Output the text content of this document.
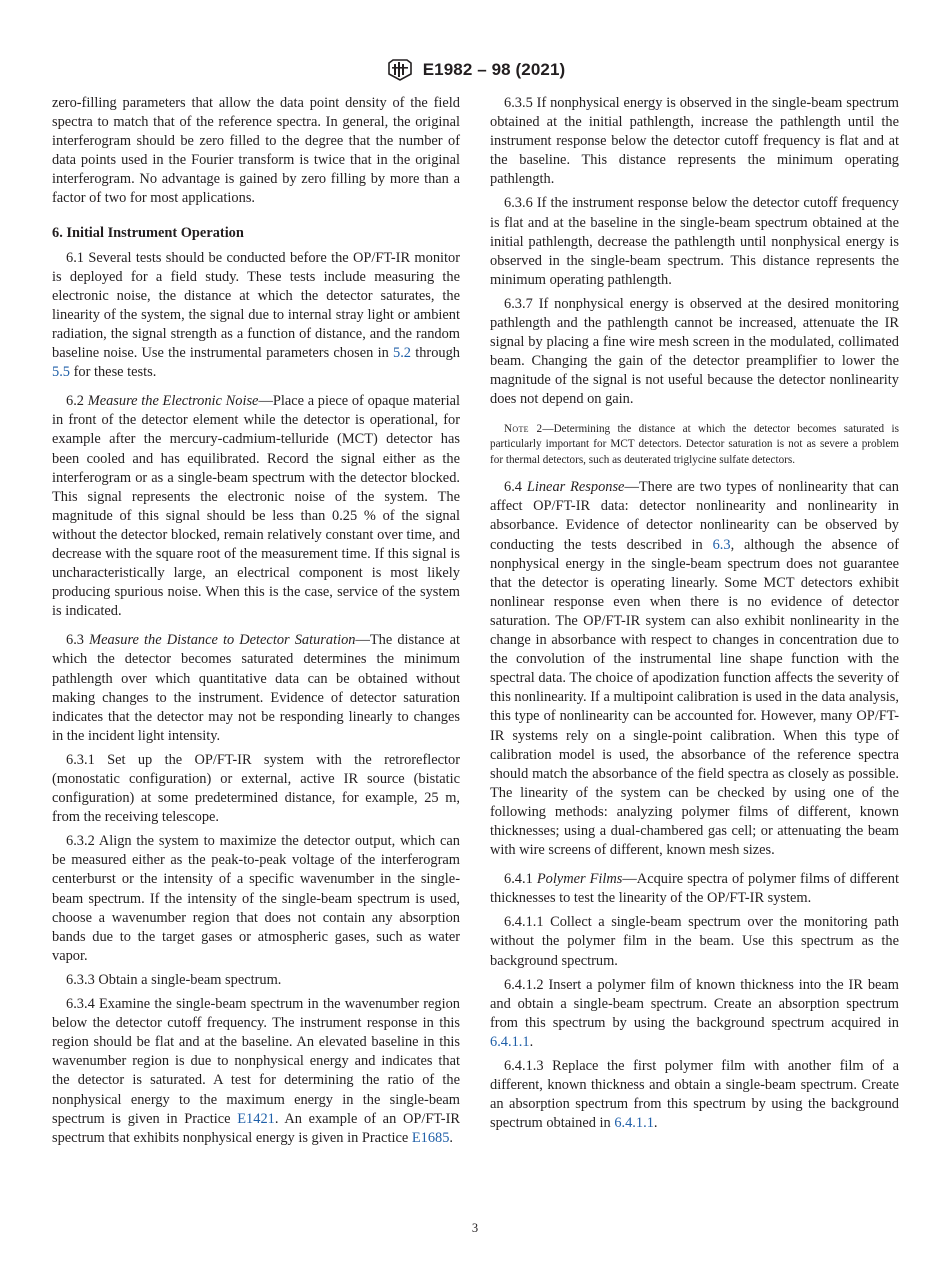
E1982 – 98 (2021)

zero-filling parameters that allow the data point density of the field spectra to match that of the reference spectra. In general, the original interferogram should be zero filled to the degree that the number of data points used in the Fourier transform is twice that in the original interferogram. No advantage is gained by zero filling by more than a factor of two for most applications.

6. Initial Instrument Operation

6.1 Several tests should be conducted before the OP/FT-IR monitor is deployed for a field study. These tests include measuring the electronic noise, the distance at which the detector saturates, the linearity of the system, the signal due to internal stray light or ambient radiation, the signal strength as a function of distance, and the random baseline noise. Use the instrumental parameters chosen in 5.2 through 5.5 for these tests.

6.2 Measure the Electronic Noise—Place a piece of opaque material in front of the detector element while the detector is operational, for example after the mercury-cadmium-telluride (MCT) detector has been cooled and has equilibrated. Record the signal either as the interferogram or as a single-beam spectrum with the detector blocked. This signal represents the electronic noise of the system. The magnitude of this signal should be less than 0.25 % of the signal without the detector blocked, remain relatively constant over time, and decrease with the square root of the measurement time. If this signal is uncharacteristically large, an electrical component is most likely producing spurious noise. When this is the case, service of the system is indicated.

6.3 Measure the Distance to Detector Saturation—The distance at which the detector becomes saturated determines the minimum pathlength over which quantitative data can be obtained without making changes to the instrument. Evidence of detector saturation indicates that the detector may not be responding linearly to changes in the incident light intensity.

6.3.1 Set up the OP/FT-IR system with the retroreflector (monostatic configuration) or external, active IR source (bistatic configuration) at some predetermined distance, for example, 25 m, from the receiving telescope.

6.3.2 Align the system to maximize the detector output, which can be measured either as the peak-to-peak voltage of the interferogram centerburst or the intensity of a specific wavenumber in the single-beam spectrum. If the intensity of the single-beam spectrum is used, choose a wavenumber region that does not contain any absorption bands due to the target gases or atmospheric gases, such as water vapor.

6.3.3 Obtain a single-beam spectrum.

6.3.4 Examine the single-beam spectrum in the wavenumber region below the detector cutoff frequency. The instrument response in this region should be flat and at the baseline. An elevated baseline in this wavenumber region is due to nonphysical energy and indicates that the detector is saturated. A test for determining the ratio of the nonphysical energy to the maximum energy in the single-beam spectrum is given in Practice E1421. An example of an OP/FT-IR spectrum that exhibits nonphysical energy is given in Practice E1685.

6.3.5 If nonphysical energy is observed in the single-beam spectrum obtained at the initial pathlength, increase the pathlength until the instrument response below the detector cutoff frequency is flat and at the baseline. This distance represents the minimum operating pathlength.

6.3.6 If the instrument response below the detector cutoff frequency is flat and at the baseline in the single-beam spectrum obtained at the initial pathlength, decrease the pathlength until nonphysical energy is observed in the single-beam spectrum. This distance represents the minimum operating pathlength.

6.3.7 If nonphysical energy is observed at the desired monitoring pathlength and the pathlength cannot be increased, attenuate the IR signal by placing a fine wire mesh screen in the modulated, collimated beam. Changing the gain of the detector preamplifier to lower the magnitude of the signal is not useful because the detector nonlinearity does not depend on gain.

Note 2—Determining the distance at which the detector becomes saturated is particularly important for MCT detectors. Detector saturation is not as severe a problem for thermal detectors, such as deuterated triglycine sulfate detectors.

6.4 Linear Response—There are two types of nonlinearity that can affect OP/FT-IR data: detector nonlinearity and nonlinearity in absorbance. Evidence of detector nonlinearity can be observed by conducting the tests described in 6.3, although the absence of nonphysical energy in the single-beam spectrum does not guarantee that the detector is operating linearly. Some MCT detectors exhibit nonlinear response even when there is no evidence of detector saturation. The OP/FT-IR system can also exhibit nonlinearity in the change in absorbance with respect to changes in concentration due to the convolution of the instrumental line shape function with the spectral data. The choice of apodization function affects the severity of this nonlinearity. If a multipoint calibration is used in the data analysis, this type of nonlinearity can be accounted for. However, many OP/FT-IR systems rely on a single-point calibration. When this type of calibration model is used, the absorbance of the reference spectra should match the absorbance of the field spectra as closely as possible. The linearity of the system can be checked by using one of the following methods: analyzing polymer films of different, known thicknesses; using a dual-chambered gas cell; or attenuating the beam with wire screens of different, known mesh sizes.

6.4.1 Polymer Films—Acquire spectra of polymer films of different thicknesses to test the linearity of the OP/FT-IR system.

6.4.1.1 Collect a single-beam spectrum over the monitoring path without the polymer film in the beam. Use this spectrum as the background spectrum.

6.4.1.2 Insert a polymer film of known thickness into the IR beam and obtain a single-beam spectrum. Create an absorption spectrum from this spectrum by using the background spectrum acquired in 6.4.1.1.

6.4.1.3 Replace the first polymer film with another film of a different, known thickness and obtain a single-beam spectrum. Create an absorption spectrum from this spectrum by using the background spectrum obtained in 6.4.1.1.

3
